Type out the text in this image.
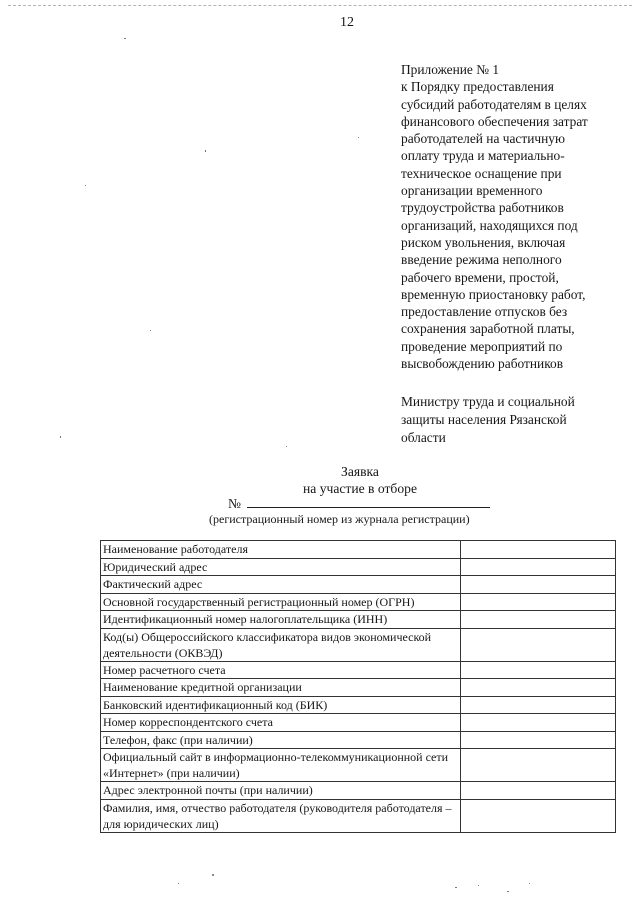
12
Приложение № 1
к Порядку предоставления
субсидий работодателям в целях
финансового обеспечения затрат
работодателей на частичную
оплату труда и материально-
техническое оснащение при
организации временного
трудоустройства работников
организаций, находящихся под
риском увольнения, включая
введение режима неполного
рабочего времени, простой,
временную приостановку работ,
предоставление отпусков без
сохранения заработной платы,
проведение мероприятий по
высвобождению работников
Министру труда и социальной
защиты населения Рязанской
области
Заявка
на участие в отборе
№
(регистрационный номер из журнала регистрации)
Наименование работодателя	
Юридический адрес	
Фактический адрес	
Основной государственный регистрационный номер (ОГРН)	
Идентификационный номер налогоплательщика (ИНН)	
Код(ы) Общероссийского классификатора видов экономической деятельности (ОКВЭД)	
Номер расчетного счета	
Наименование кредитной организации	
Банковский идентификационный код (БИК)	
Номер корреспондентского счета	
Телефон, факс (при наличии)	
Официальный сайт в информационно-телекоммуникационной сети «Интернет» (при наличии)	
Адрес электронной почты (при наличии)	
Фамилия, имя, отчество работодателя (руководителя работодателя – для юридических лиц)	
